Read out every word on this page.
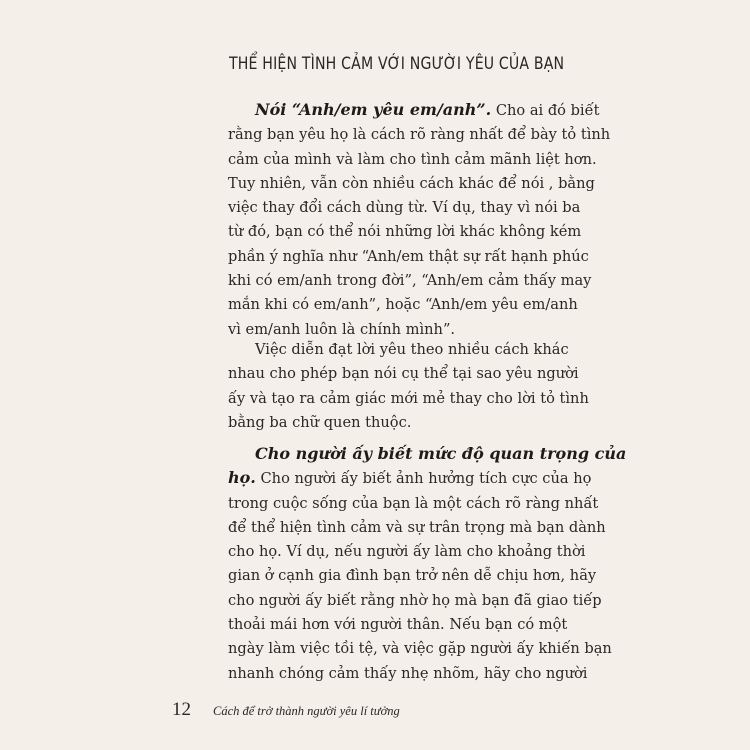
THỂ HIỆN TÌNH CẢM VỚI NGƯỜI YÊU CỦA BẠN
Nói “Anh/em yêu em/anh”. Cho ai đó biết
rằng bạn yêu họ là cách rõ ràng nhất để bày tỏ tình
cảm của mình và làm cho tình cảm mãnh liệt hơn.
Tuy nhiên, vẫn còn nhiều cách khác để nói , bằng
việc thay đổi cách dùng từ. Ví dụ, thay vì nói ba
từ đó, bạn có thể nói những lời khác không kém
phần ý nghĩa như “Anh/em thật sự rất hạnh phúc
khi có em/anh trong đời”, “Anh/em cảm thấy may
mắn khi có em/anh”, hoặc “Anh/em yêu em/anh
vì em/anh luôn là chính mình”.
Việc diễn đạt lời yêu theo nhiều cách khác
nhau cho phép bạn nói cụ thể tại sao yêu người
ấy và tạo ra cảm giác mới mẻ thay cho lời tỏ tình
bằng ba chữ quen thuộc.
Cho người ấy biết mức độ quan trọng của
họ. Cho người ấy biết ảnh hưởng tích cực của họ
trong cuộc sống của bạn là một cách rõ ràng nhất
để thể hiện tình cảm và sự trân trọng mà bạn dành
cho họ. Ví dụ, nếu người ấy làm cho khoảng thời
gian ở cạnh gia đình bạn trở nên dễ chịu hơn, hãy
cho người ấy biết rằng nhờ họ mà bạn đã giao tiếp
thoải mái hơn với người thân. Nếu bạn có một
ngày làm việc tồi tệ, và việc gặp người ấy khiến bạn
nhanh chóng cảm thấy nhẹ nhõm, hãy cho người
12 Cách để trở thành người yêu lí tưởng
